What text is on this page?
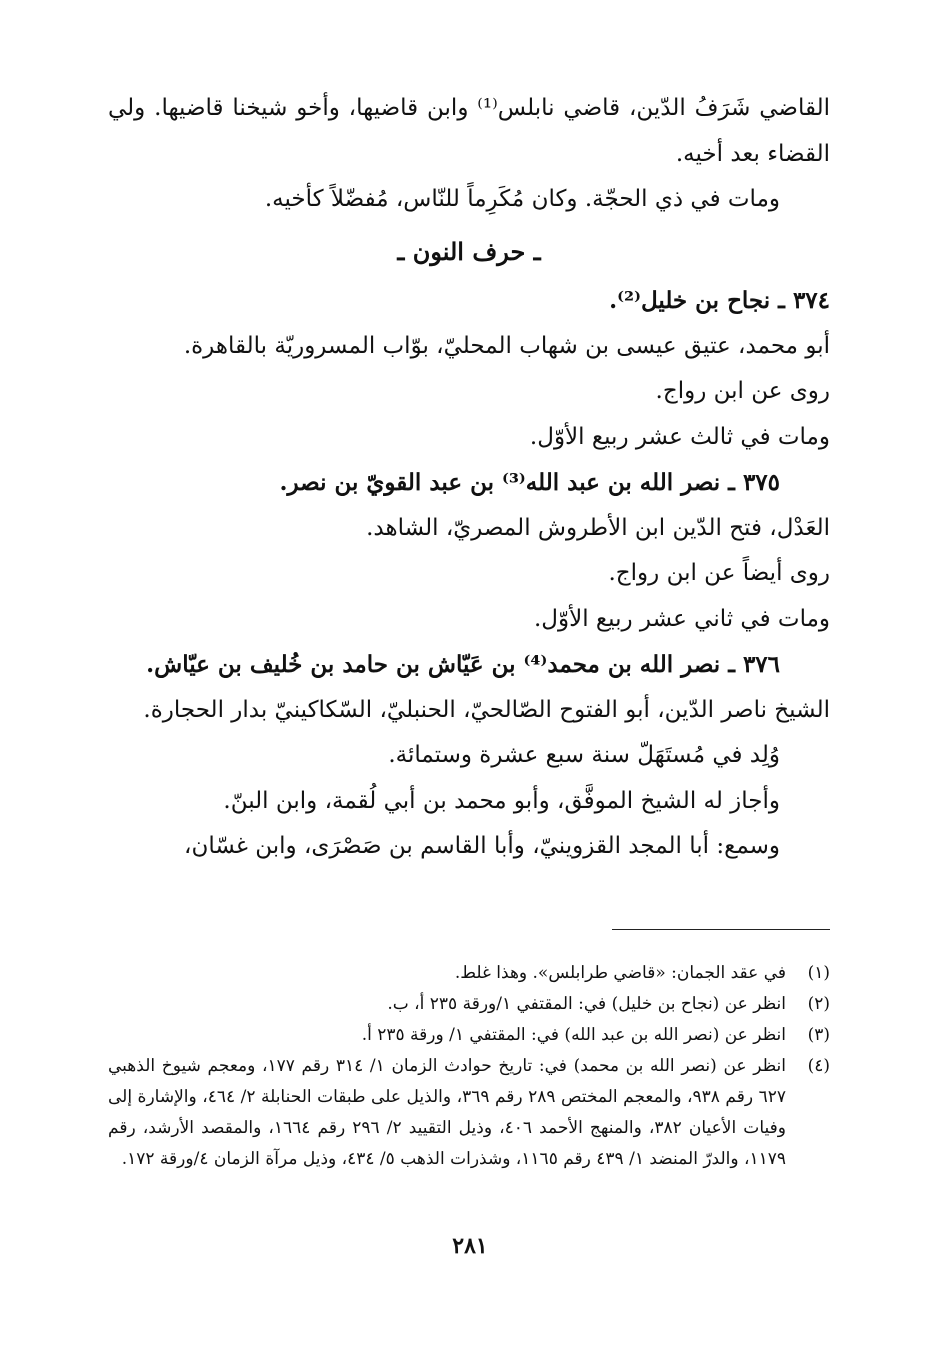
القاضي شَرَفُ الدّين، قاضي نابلس⁽¹⁾ وابن قاضيها، وأخو شيخنا قاضيها. ولي القضاء بعد أخيه.

ومات في ذي الحجّة. وكان مُكَرِماً للنّاس، مُفضّلاً كأخيه.

ـ حرف النون ـ

٣٧٤ ـ نجاح بن خليل⁽²⁾.

أبو محمد، عتيق عيسى بن شهاب المحليّ، بوّاب المسروريّة بالقاهرة.

روى عن ابن رواج.

ومات في ثالث عشر ربيع الأوّل.

٣٧٥ ـ نصر الله بن عبد الله⁽³⁾ بن عبد القويّ بن نصر.

العَدْل، فتح الدّين ابن الأطروش المصريّ، الشاهد.

روى أيضاً عن ابن رواج.

ومات في ثاني عشر ربيع الأوّل.

٣٧٦ ـ نصر الله بن محمد⁽⁴⁾ بن عَيّاش بن حامد بن خُليف بن عيّاش.

الشيخ ناصر الدّين، أبو الفتوح الصّالحيّ، الحنبليّ، السّكاكينيّ بدار الحجارة.

وُلِد في مُستَهَلّ سنة سبع عشرة وستمائة.

وأجاز له الشيخ الموفَّق، وأبو محمد بن أبي لُقمة، وابن البنّ.

وسمع: أبا المجد القزوينيّ، وأبا القاسم بن صَصْرَى، وابن غسّان،

(١)
في عقد الجمان: «قاضي طرابلس». وهذا غلط.
(٢)
انظر عن (نجاح بن خليل) في: المقتفي ١/ورقة ٢٣٥ أ، ب.
(٣)
انظر عن (نصر الله بن عبد الله) في: المقتفي ١/ ورقة ٢٣٥ أ.
(٤)
انظر عن (نصر الله بن محمد) في: تاريخ حوادث الزمان ١/ ٣١٤ رقم ١٧٧، ومعجم شيوخ الذهبي ٦٢٧ رقم ٩٣٨، والمعجم المختص ٢٨٩ رقم ٣٦٩، والذيل على طبقات الحنابلة ٢/ ٤٦٤، والإشارة إلى وفيات الأعيان ٣٨٢، والمنهج الأحمد ٤٠٦، وذيل التقييد ٢/ ٢٩٦ رقم ١٦٦٤، والمقصد الأرشد، رقم ١١٧٩، والدرّ المنضد ١/ ٤٣٩ رقم ١١٦٥، وشذرات الذهب ٥/ ٤٣٤، وذيل مرآة الزمان ٤/ورقة ١٧٢.
٢٨١
